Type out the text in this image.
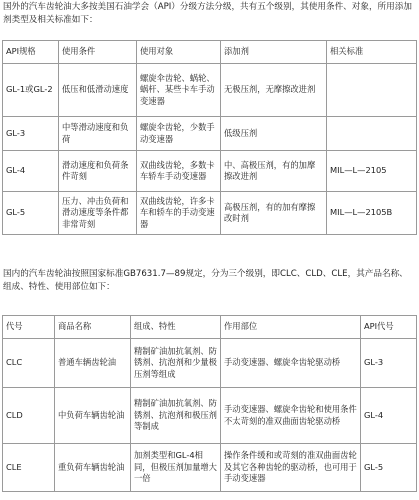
国外的汽车齿轮油大多按美国石油学会（API）分级方法分级，共有五个级别，其使用条件、对象，所用添加剂类型及相关标准如下：
API规格	使用条件	使用对象	添加剂	相关标准
GL-1或GL-2	低压和低滑动速度	螺旋伞齿轮、蜗轮、蜗杆、某些卡车手动变速器	无极压剂，无摩擦改进剂	
GL-3	中等滑动速度和负荷	螺旋伞齿轮，少数手动变速器	低级压剂	
GL-4	滑动速度和负荷条件苛刻	双曲线齿轮，多数卡车轿车手动变速器	中、高极压剂，有的加摩擦改进剂	MIL—L—2105
GL-5	压力、冲击负荷和滑动速度等条件都非常苛刻	双曲线齿轮，许多卡车和轿车的手动变速器	高极压剂，有的加有摩擦改时剂	MIL—L—2105B
国内的汽车齿轮油按照国家标准GB7631.7—89规定，分为三个级别，即CLC、CLD、CLE，其产品名称、组成、特性、使用部位如下：
代号	商品名称	组成、特性	作用部位	API代号
CLC	普通车辆齿轮油	精制矿油加抗氧剂、防锈剂、抗泡剂和少量极压剂等组成	手动变速器、螺旋伞齿轮驱动桥	GL-3
CLD	中负荷车辆齿轮油	精制矿油加抗氧剂、防锈剂、抗泡剂和极压剂等制成	手动变速器、螺旋伞齿轮和使用条件不太苛刻的准双曲面齿轮驱动桥	GL-4
CLE	重负荷车辆齿轮油	加剂类型和GL-4相同，但极压剂加量增大一倍	操作条件缓和或苛刻的准双曲面齿轮及其它各种齿轮的驱动桥，也可用于手动变速器	GL-5
